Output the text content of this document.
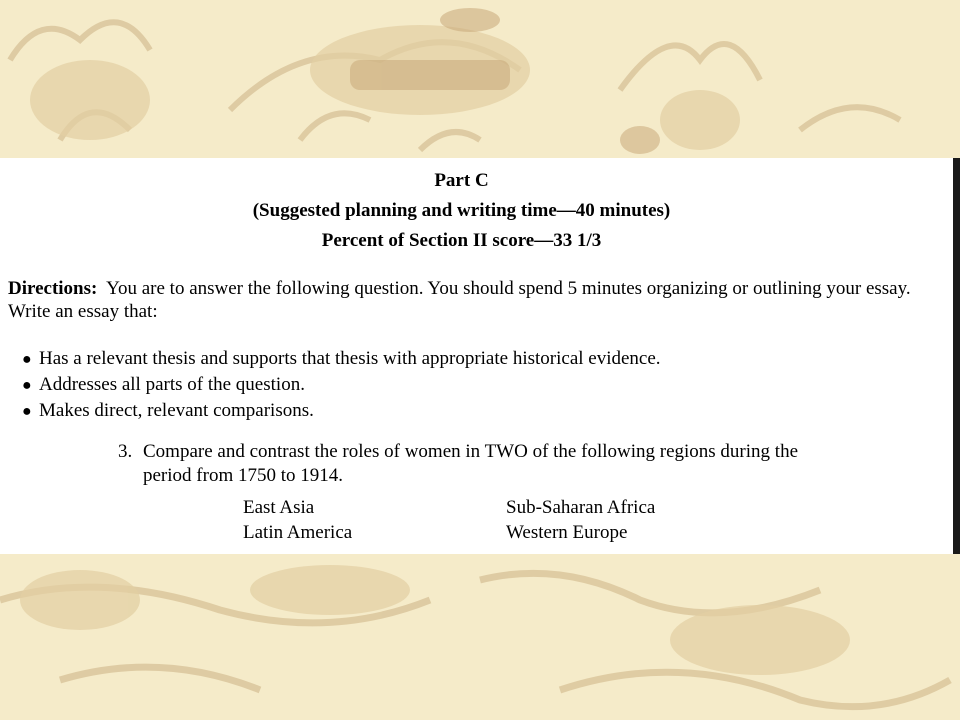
Part C
(Suggested planning and writing time—40 minutes)
Percent of Section II score—33 1/3
Directions: You are to answer the following question. You should spend 5 minutes organizing or outlining your essay.
Write an essay that:
● Has a relevant thesis and supports that thesis with appropriate historical evidence.
● Addresses all parts of the question.
● Makes direct, relevant comparisons.
3. Compare and contrast the roles of women in TWO of the following regions during the
period from 1750 to 1914.
East Asia
Latin America
Sub-Saharan Africa
Western Europe
